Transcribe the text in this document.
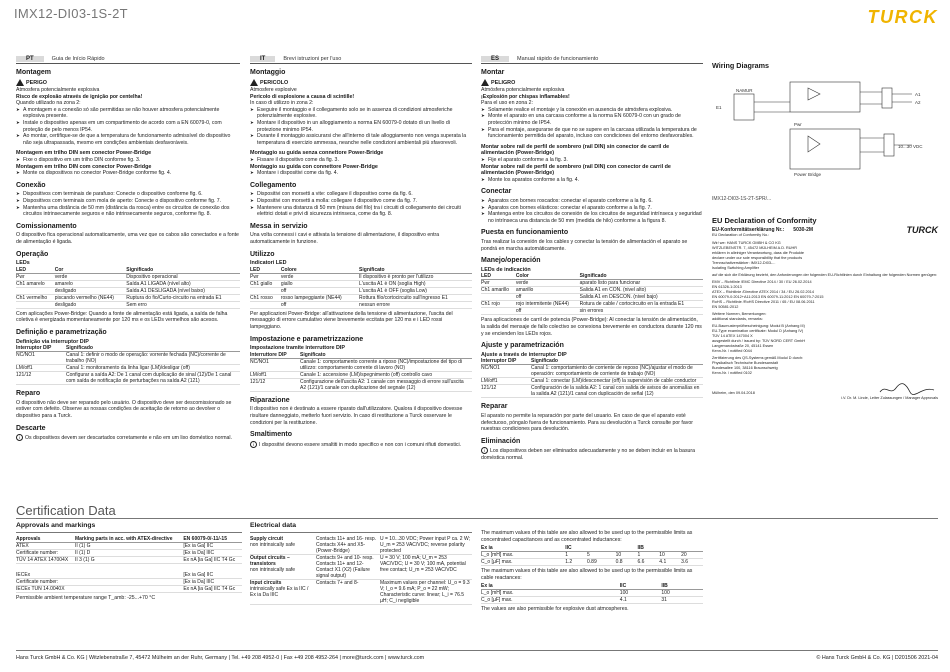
IMX12-DI03-1S-2T	TURCK
PT	Guia de Início Rápido
Montagem
PERIGO
Atmosfera potencialmente explosiva
Risco de explosão através de ignição por centelha!
Quando utilizado na zona 2:
➤ A montagem e a conexão só são permitidas se não houver atmosfera potencialmente explosiva presente.
➤ Instale o dispositivo apenas em um compartimento de acordo com a EN 60079-0, com proteção de pelo menos IP54.
➤ Ao montar, certifique-se de que a temperatura de funcionamento admissível do dispositivo não seja ultrapassada, mesmo em condições ambientais desfavoráveis.
Montagem em trilho DIN sem conector Power-Bridge
➤ Fixe o dispositivo em um trilho DIN conforme fig. 3.
Montagem em trilho DIN com conector Power-Bridge
➤ Monte os dispositivos no conector Power-Bridge conforme fig. 4.
Conexão
➤ Dispositivos com terminais de parafuso: Conecte o dispositivo conforme fig. 6.
➤ Dispositivos com terminais com mola de aperto: Conecte o dispositivo conforme fig. 7.
➤ Mantenha uma distância de 50 mm (distância da rosca) entre os circuitos de conexão dos circuitos intrinsecamente seguros e não intrinsecamente seguros, conforme fig. 8.
Comissionamento
O dispositivo fica operacional automaticamente, uma vez que os cabos são conectados e a fonte de alimentação é ligada.
Operação
LEDs
LED	Cor	Significado
Pwr	verde	Dispositivo operacional
Ch1 amarelo	amarelo	Saída A1 LIGADA (nível alto)
	desligado	Saída A1 DESLIGADA (nível baixo)
Ch1 vermelho	piscando vermelho (NE44)	Ruptura do fio/Curto-circuito na entrada E1
	desligado	Sem erro
Com aplicações Power-Bridge: Quando a fonte de alimentação está ligada, a saída de falha coletiva é energizada momentaneamente por 120 ms e os LEDs vermelhos são acesos.
Definição e parametrização
Definição via interruptor DIP
Interruptor DIP	Significado
NC/NO1	Canal 1: definir o modo de operação: vorrente fechada (NC)/corrente de trabalho (NO)
LM/off1	Canal 1: monitoramento da linha ligar (LM)/desligar (off)
121/12	Configurar a saída A2: De 1 canal com duplicação de sinal (12)/De 1 canal com saída de notificação de perturbações na saída A2 (121)
Reparo
O dispositivo não deve ser reparado pelo usuário. O dispositivo deve ser descomissionado se estiver com defeito. Observe as nossas condições de aceitação de retorno ao devolver o dispositivo para a Turck.
Descarte
i Os dispositivos devem ser descartados corretamente e não em um lixo doméstico normal.
IT	Brevi istruzioni per l'uso
Montaggio
PERICOLO
Atmosfere esplosive
Pericolo di esplosione a causa di scintille!
In caso di utilizzo in zona 2:
➤ Eseguire il montaggio e il collegamento solo se in assenza di condizioni atmosferiche potenzialmente esplosive.
➤ Montare il dispositivo in un alloggiamento a norma EN 60079-0 dotato di un livello di protezione minimo IP54.
➤ Durante il montaggio assicurarsi che all'interno di tale alloggiamento non venga superata la temperatura di esercizio ammessa, neanche nelle condizioni ambientali più sfavorevoli.
Montaggio su guida senza connettore Power-Bridge
➤ Fissare il dispositivo come da fig. 3.
Montaggio su guida con connettore Power-Bridge
➤ Montare i dispositivi come da fig. 4.
Collegamento
➤ Dispositivi con morsetti a vite: collegare il dispositivo come da fig. 6.
➤ Dispositivi con morsetti a molla: collegare il dispositivo come da fig. 7.
➤ Mantenere una distanza di 50 mm (misura del filo) tra i circuiti di collegamento dei circuiti elettrici dotati e privi di sicurezza intrinseca, come da fig. 8.
Messa in servizio
Una volta connessi i cavi e attivata la tensione di alimentazione, il dispositivo entra automaticamente in funzione.
Utilizzo
Indicatori LED
LED	Colore	Significato
Pwr	verde	Il dispositivo è pronto per l'utilizzo
Ch1 giallo	giallo	L'uscita A1 è ON (soglia High)
	off	L'uscita A1 è OFF (soglia Low)
Ch1 rosso	rosso lampeggiante (NE44)	Rottura filo/cortocircuito sull'ingresso E1
	off	nessun errore
Per applicazioni Power-Bridge: all'attivazione della tensione di alimentazione, l'uscita del messaggio di errore cumulativo viene brevemente eccitata per 120 ms e i LED rossi lampeggiano.
Impostazione e parametrizzazione
Impostazione tramite interruttore DIP
Interruttore DIP	Significato
NC/NO1	Canale 1: comportamento corrente a riposo (NC)/impostazione del tipo di utilizzo: comportamento corrente di lavoro (NO)
LM/off1	Canale 1: accensione (LM)/spegnimento (off) controllo cavo
121/12	Configurazione dell'uscita A2: 1 canale con messaggio di errore sull'uscita A2 (121)/1 canale con duplicazione del segnale (12)
Riparazione
Il dispositivo non è destinato a essere riparato dall'utilizzatore. Qualora il dispositivo dovesse risultare danneggiato, metterlo fuori servizio. In caso di restituzione a Turck osservare le condizioni per la restituzione.
Smaltimento
i I dispositivi devono essere smaltiti in modo specifico e non con i comuni rifiuti domestici.
ES	Manual rápido de funcionamiento
Montar
PELIGRO
Atmósfera potencialmente explosiva
¡Explosión por chispas inflamables!
Para el uso en zona 2:
➤ Solamente realice el montaje y la conexión en ausencia de atmósfera explosiva.
➤ Monte el aparato en una carcasa conforme a la norma EN 60079-0 con un grado de protección mínimo de IP54.
➤ Para el montaje, asegurarse de que no se supere en la carcasa utilizada la temperatura de funcionamiento permitida del aparato, incluso con condiciones del entorno desfavorables.
Montar sobre rail de perfil de sombrero (rail DIN) sin conector de carril de alimentación (Power-Bridge)
➤ Fije el aparato conforme a la fig. 3.
Montar sobre rail de perfil de sombrero (rail DIN) con conector de carril de alimentación (Power-Bridge)
➤ Monte los aparatos conforme a la fig. 4.
Conectar
➤ Aparatos con bornes roscados: conectar el aparato conforme a la fig. 6.
➤ Aparatos con bornes elásticos: conectar el aparato conforme a la fig. 7.
➤ Mantenga entre los circuitos de conexión de los circuitos de seguridad intrínseca y seguridad no intrínseca una distancia de 50 mm (medida de hilo) conforme a la figura 8.
Puesta en funcionamiento
Tras realizar la conexión de los cables y conectar la tensión de alimentación el aparato se pondrá en marcha automáticamente.
Manejo/operación
LEDs de indicación
LED	Color	Significado
Pwr	verde	aparato listo para funcionar
Ch1 amarillo	amarillo	Salida A1 en CON. (nivel alto)
	off	Salida A1 en DESCON. (nivel bajo)
Ch1 rojo	rojo intermitente (NE44)	Rotura de cable / cortocircuito en la entrada E1
	off	sin errores
Para aplicaciones de carril de potencia (Power-Bridge): Al conectar la tensión de alimentación, la salida del mensaje de fallo colectivo se conexiona brevemente en conductora durante 120 ms y se encienden los LEDs rojos.
Ajuste y parametrización
Ajuste a través de interruptor DIP
Interruptor DIP	Significado
NC/NO1	Canal 1: comportamiento de corriente de reposo (NC)/ajustar el modo de operación: comportamiento de corriente de trabajo (NO)
LM/off1	Canal 1: conectar (LM)/desconectar (off) la supervisión de cable conductor
121/12	Configuración de la salida A2: 1 canal con salida de avisos de anomalías en la salida A2 (121)/1 canal con duplicación de señal (12)
Reparar
El aparato no permite la reparación por parte del usuario. En caso de que el aparato esté defectuoso, póngalo fuera de funcionamiento. Para su devolución a Turck consulte por favor nuestras condiciones para devolución.
Eliminación
i Los dispositivos deben ser eliminados adecuadamente y no se deben incluir en la basura doméstica normal.
Wiring Diagrams
E1
NAMUR
A1
A2
10...30 VDC
Pwr
Power Bridge
IMX12-DI03-1S-2T-SPR/...
EU Declaration of Conformity
EU-Konformitätserklärung Nr.: 5030-2M	TURCK
EU Declaration of Conformity No.:
Wir/ we: HANS TURCK GMBH & CO KG
WITZLEBENSTR. 7, 45472 MÜLHEIM A.D. RUHR
erklären in alleiniger Verantwortung, dass die Produkte
declare under our sole responsibility that the products
Trennschaltverstärker: IMX12-DI03-...
Isolating Switching Amplifier
auf die sich die Erklärung bezieht, den Anforderungen der folgenden EU-Richtlinien durch Einhaltung der folgenden Normen genügen:
EMV – Richtlinie /EMC Directive 2014 / 30 / EU 26.02.2014
EN 61326-1:2013
ATEX – Richtlinie /Directive ATEX 2014 / 34 / EU 26.02.2014
EN 60079-0:2012+A11:2013 EN 60079-11:2012 EN 60079-7:2015
RoHS – Richtlinie /RoHS Directive 2011 / 65 / EU 08.06.2011
EN 50581:2012
Weitere Normen, Bemerkungen:
additional standards, remarks:
EU-Baumusterprüfbescheinigung: Modul B (Anhang III)
EU-Type examination certificate: Modul D (Anhang IV)
TÜV 14 ATEX 147004 X
ausgestellt durch / issued by: TÜV NORD CERT GmbH
Langemarckstraße 20, 45141 Essen
Kenn-Nr. / notified 0044
Zertifizierung des QS-Systems gemäß Modul D durch:
Physikalisch Technische Bundesanstalt
Bundesallee 100, 38116 Braunschweig
Kenn-Nr. / notified 0102
Mülheim, den 09.04.2018
i.V. Dr. M. Linde, Leiter Zulassungen / Manager Approvals
Certification Data
Approvals and markings
Approvals	Marking parts in acc. with ATEX-directive	EN 60079-0/-11/-15
ATEX	II (1) G	[Ex ia Ga] IIC
Certificate number:	II (1) D	[Ex ia Da] IIIC
TÜV 14 ATEX 147004X	II 3 (1) G	Ex nA [ia Ga] IIC T4 Gc
IECEx		[Ex ia Ga] IIC
Certificate number:		[Ex ia Da] IIIC
IECEx TUN 14.0040X		Ex nA [ia Ga] IIC T4 Gc
Permissible ambient temperature range T_amb: -25...+70 °C
Electrical data
Supply circuit
non intrinsically safe	Contacts 11+ and 16- resp. Contacts X4+ and X5- (Power-Bridge)	U = 10...30 VDC; Power input P ca. 2 W; U_m = 253 VAC/VDC; reverse polarity protected
Output circuits – transistors
non intrinsically safe	Contacts 9+ and 10- resp. Contacts 11+ and 12- Contact X1 (X2) (Failure signal output)	U = 30 V; 100 mA; U_m = 253 VAC/VDC; U = 30 V; 100 mA, potential free contact; U_m = 253 VAC/VDC
Input circuits
intrinsically safe Ex ia IIC / Ex ia Da IIIC	Contacts 7+ and 8-	Maximum values per channel: U_o = 9.3 V; I_o = 9.6 mA; P_o = 22 mW; Characteristic curve: linear; L_i = 76.5 µH; C_i negligible
The maximum values of this table are also allowed to be used up to the permissible limits as concentrated capacitances and as concentrated inductances:
Ex ia	IIC			IIB		
L_o [mH] max.	1	5	10	1	10	20
C_o [µF] max.	1.2	0.89	0.8	6.6	4.1	3.6
The maximum values of this table are also allowed to be used up to the permissible limits as cable reactances:
Ex ia	IIC	IIB
L_o [mH] max.	100	100
C_o [µF] max.	4.1	31
The values are also permissible for explosive dust atmospheres.
Hans Turck GmbH & Co. KG | Witzlebenstraße 7, 45472 Mülheim an der Ruhr, Germany | Tel. +49 208 4952-0 | Fax +49 208 4952-264 | more@turck.com | www.turck.com	© Hans Turck GmbH & Co. KG | D201506 2021-04
